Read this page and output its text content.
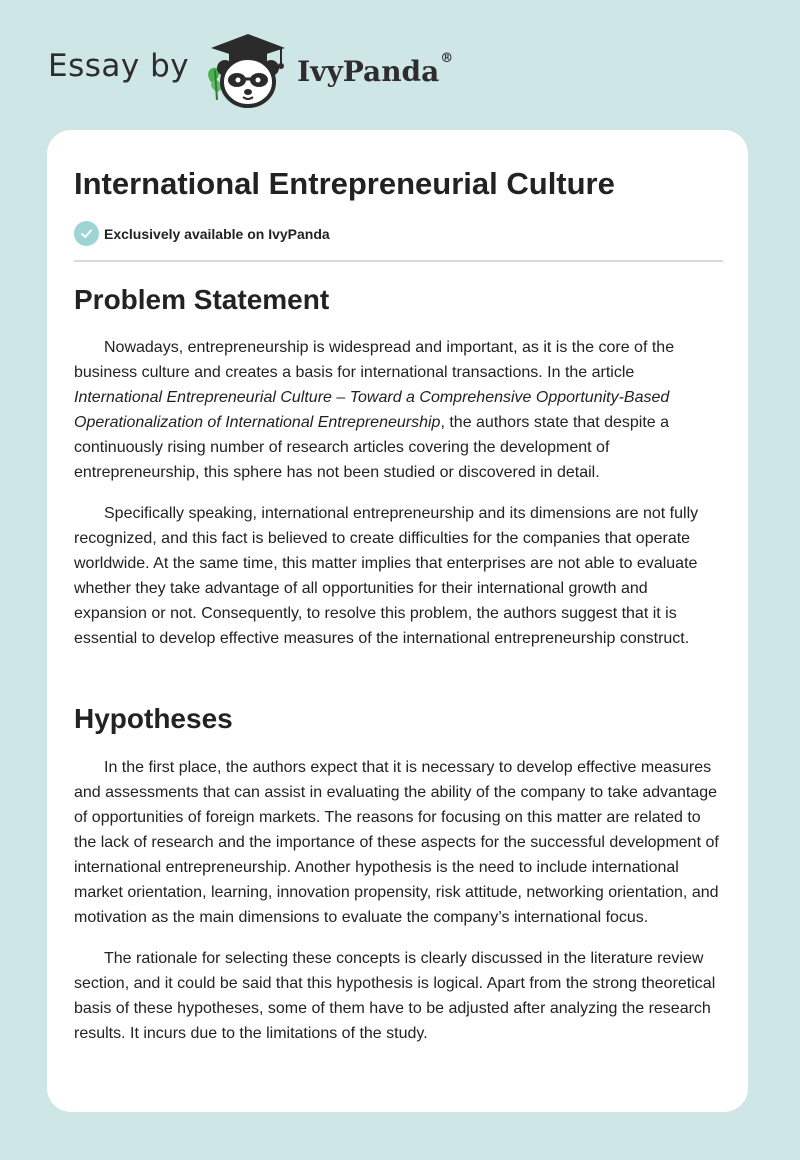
Essay by	IvyPanda®
International Entrepreneurial Culture
Exclusively available on IvyPanda
Problem Statement

Nowadays, entrepreneurship is widespread and important, as it is the core of the business culture and creates a basis for international transactions. In the article International Entrepreneurial Culture – Toward a Comprehensive Opportunity-Based Operationalization of International Entrepreneurship, the authors state that despite a continuously rising number of research articles covering the development of entrepreneurship, this sphere has not been studied or discovered in detail.

Specifically speaking, international entrepreneurship and its dimensions are not fully recognized, and this fact is believed to create difficulties for the companies that operate worldwide. At the same time, this matter implies that enterprises are not able to evaluate whether they take advantage of all opportunities for their international growth and expansion or not. Consequently, to resolve this problem, the authors suggest that it is essential to develop effective measures of the international entrepreneurship construct.

Hypotheses

In the first place, the authors expect that it is necessary to develop effective measures and assessments that can assist in evaluating the ability of the company to take advantage of opportunities of foreign markets. The reasons for focusing on this matter are related to the lack of research and the importance of these aspects for the successful development of international entrepreneurship. Another hypothesis is the need to include international market orientation, learning, innovation propensity, risk attitude, networking orientation, and motivation as the main dimensions to evaluate the company’s international focus.

The rationale for selecting these concepts is clearly discussed in the literature review section, and it could be said that this hypothesis is logical. Apart from the strong theoretical basis of these hypotheses, some of them have to be adjusted after analyzing the research results. It incurs due to the limitations of the study.
